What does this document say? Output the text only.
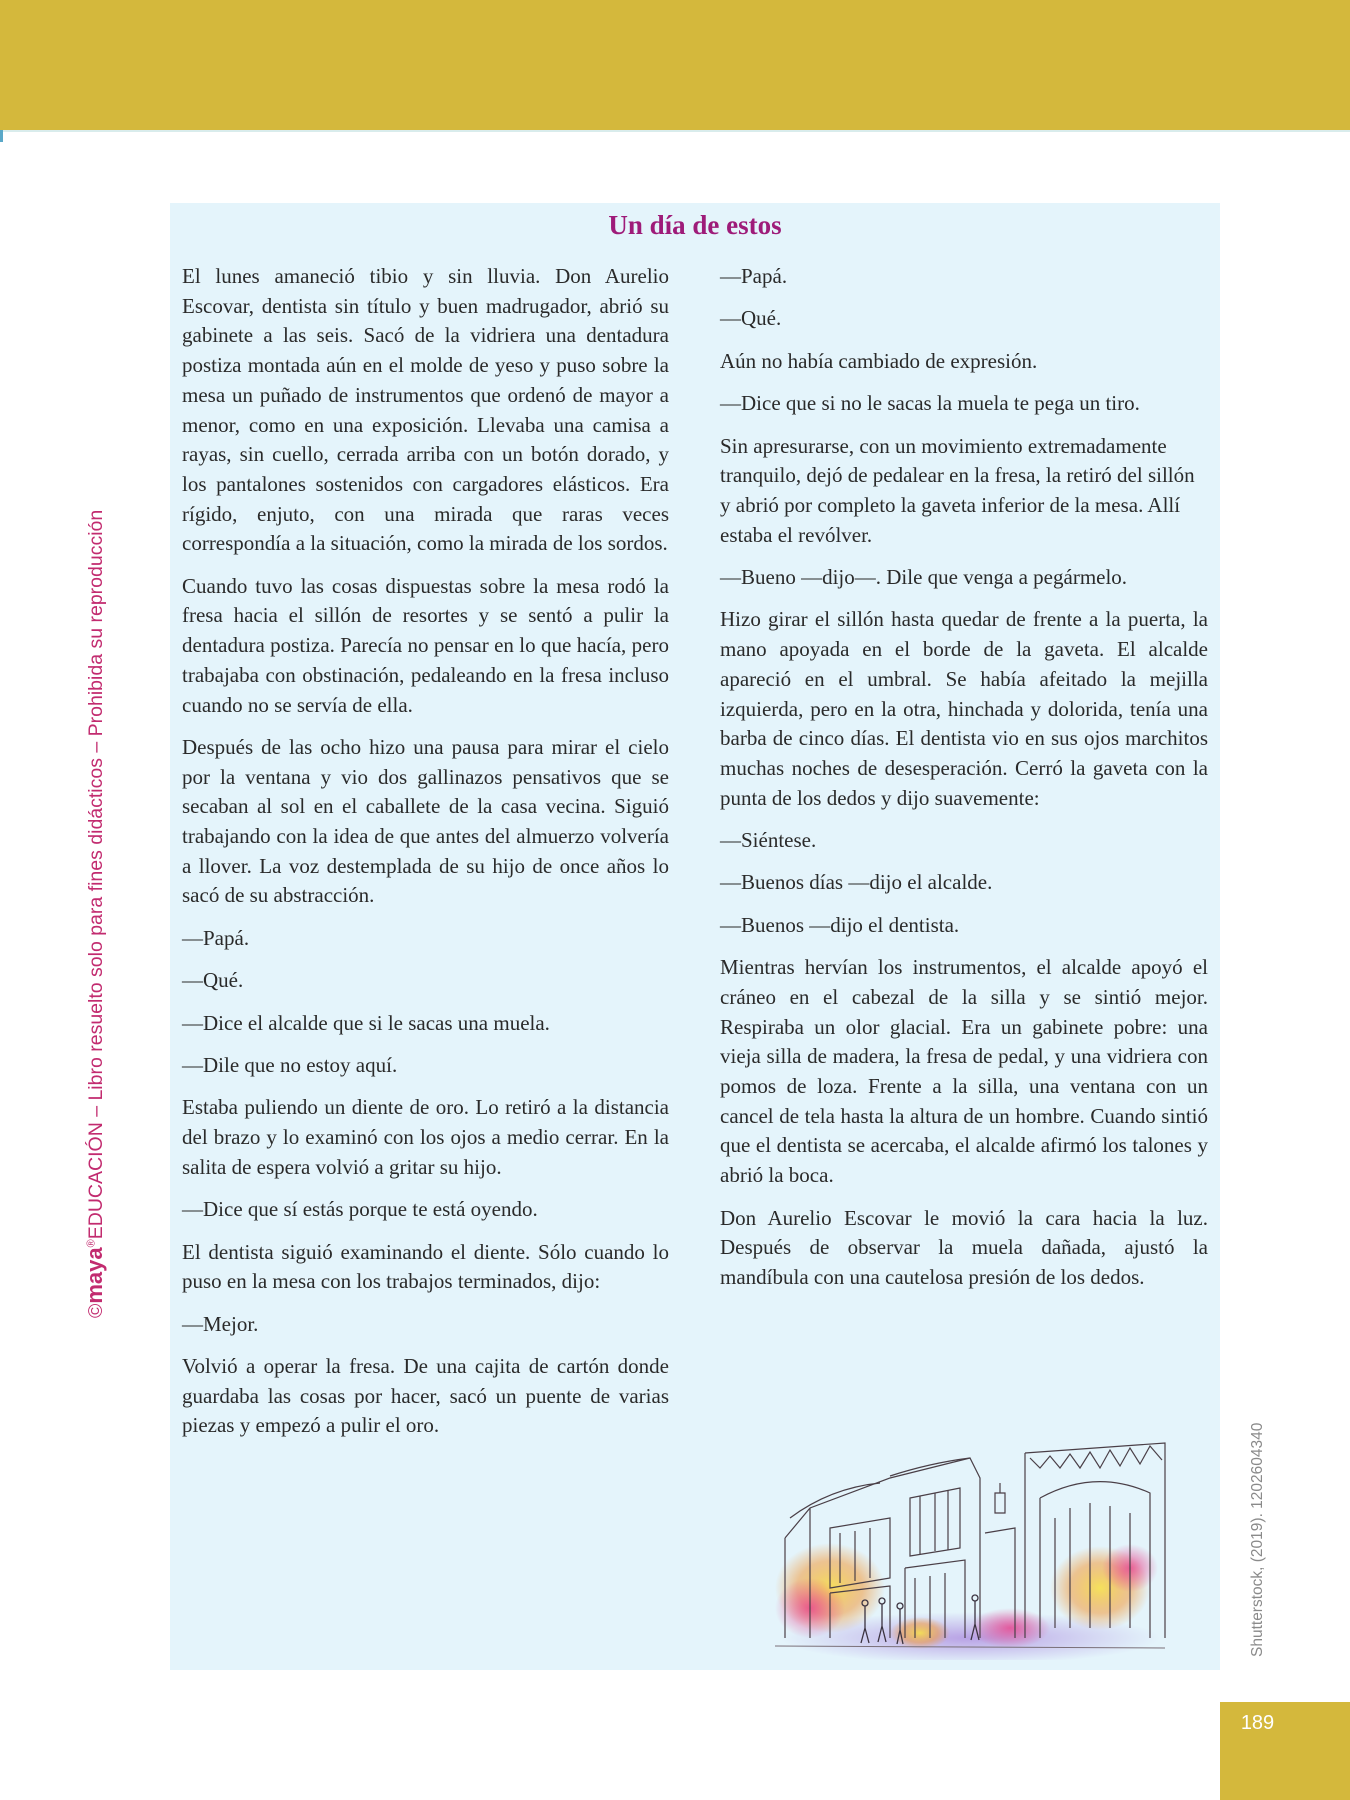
©maya®EDUCACIÓN – Libro resuelto solo para fines didácticos – Prohibida su reproducción
Un día de estos

El lunes amaneció tibio y sin lluvia. Don Aurelio Escovar, dentista sin título y buen madrugador, abrió su gabinete a las seis. Sacó de la vidriera una dentadura postiza montada aún en el molde de yeso y puso sobre la mesa un puñado de instrumentos que ordenó de mayor a menor, como en una exposición. Llevaba una camisa a rayas, sin cuello, cerrada arriba con un botón dorado, y los pantalones sostenidos con cargadores elásticos. Era rígido, enjuto, con una mirada que raras veces correspondía a la situación, como la mirada de los sordos.

Cuando tuvo las cosas dispuestas sobre la mesa rodó la fresa hacia el sillón de resortes y se sentó a pulir la dentadura postiza. Parecía no pensar en lo que hacía, pero trabajaba con obstinación, pedaleando en la fresa incluso cuando no se servía de ella.

Después de las ocho hizo una pausa para mirar el cielo por la ventana y vio dos gallinazos pensativos que se secaban al sol en el caballete de la casa vecina. Siguió trabajando con la idea de que antes del almuerzo volvería a llover. La voz destemplada de su hijo de once años lo sacó de su abstracción.

—Papá.

—Qué.

—Dice el alcalde que si le sacas una muela.

—Dile que no estoy aquí.

Estaba puliendo un diente de oro. Lo retiró a la distancia del brazo y lo examinó con los ojos a medio cerrar. En la salita de espera volvió a gritar su hijo.

—Dice que sí estás porque te está oyendo.

El dentista siguió examinando el diente. Sólo cuando lo puso en la mesa con los trabajos terminados, dijo:

—Mejor.

Volvió a operar la fresa. De una cajita de cartón donde guardaba las cosas por hacer, sacó un puente de varias piezas y empezó a pulir el oro.

—Papá.

—Qué.

Aún no había cambiado de expresión.

—Dice que si no le sacas la muela te pega un tiro.

Sin apresurarse, con un movimiento extremadamente tranquilo, dejó de pedalear en la fresa, la retiró del sillón y abrió por completo la gaveta inferior de la mesa. Allí estaba el revólver.

—Bueno —dijo—. Dile que venga a pegármelo.

Hizo girar el sillón hasta quedar de frente a la puerta, la mano apoyada en el borde de la gaveta. El alcalde apareció en el umbral. Se había afeitado la mejilla izquierda, pero en la otra, hinchada y dolorida, tenía una barba de cinco días. El dentista vio en sus ojos marchitos muchas noches de desesperación. Cerró la gaveta con la punta de los dedos y dijo suavemente:

—Siéntese.

—Buenos días —dijo el alcalde.

—Buenos —dijo el dentista.

Mientras hervían los instrumentos, el alcalde apoyó el cráneo en el cabezal de la silla y se sintió mejor. Respiraba un olor glacial. Era un gabinete pobre: una vieja silla de madera, la fresa de pedal, y una vidriera con pomos de loza. Frente a la silla, una ventana con un cancel de tela hasta la altura de un hombre. Cuando sintió que el dentista se acercaba, el alcalde afirmó los talones y abrió la boca.

Don Aurelio Escovar le movió la cara hacia la luz. Después de observar la muela dañada, ajustó la mandíbula con una cautelosa presión de los dedos.

Shutterstock, (2019). 1202604340
189
